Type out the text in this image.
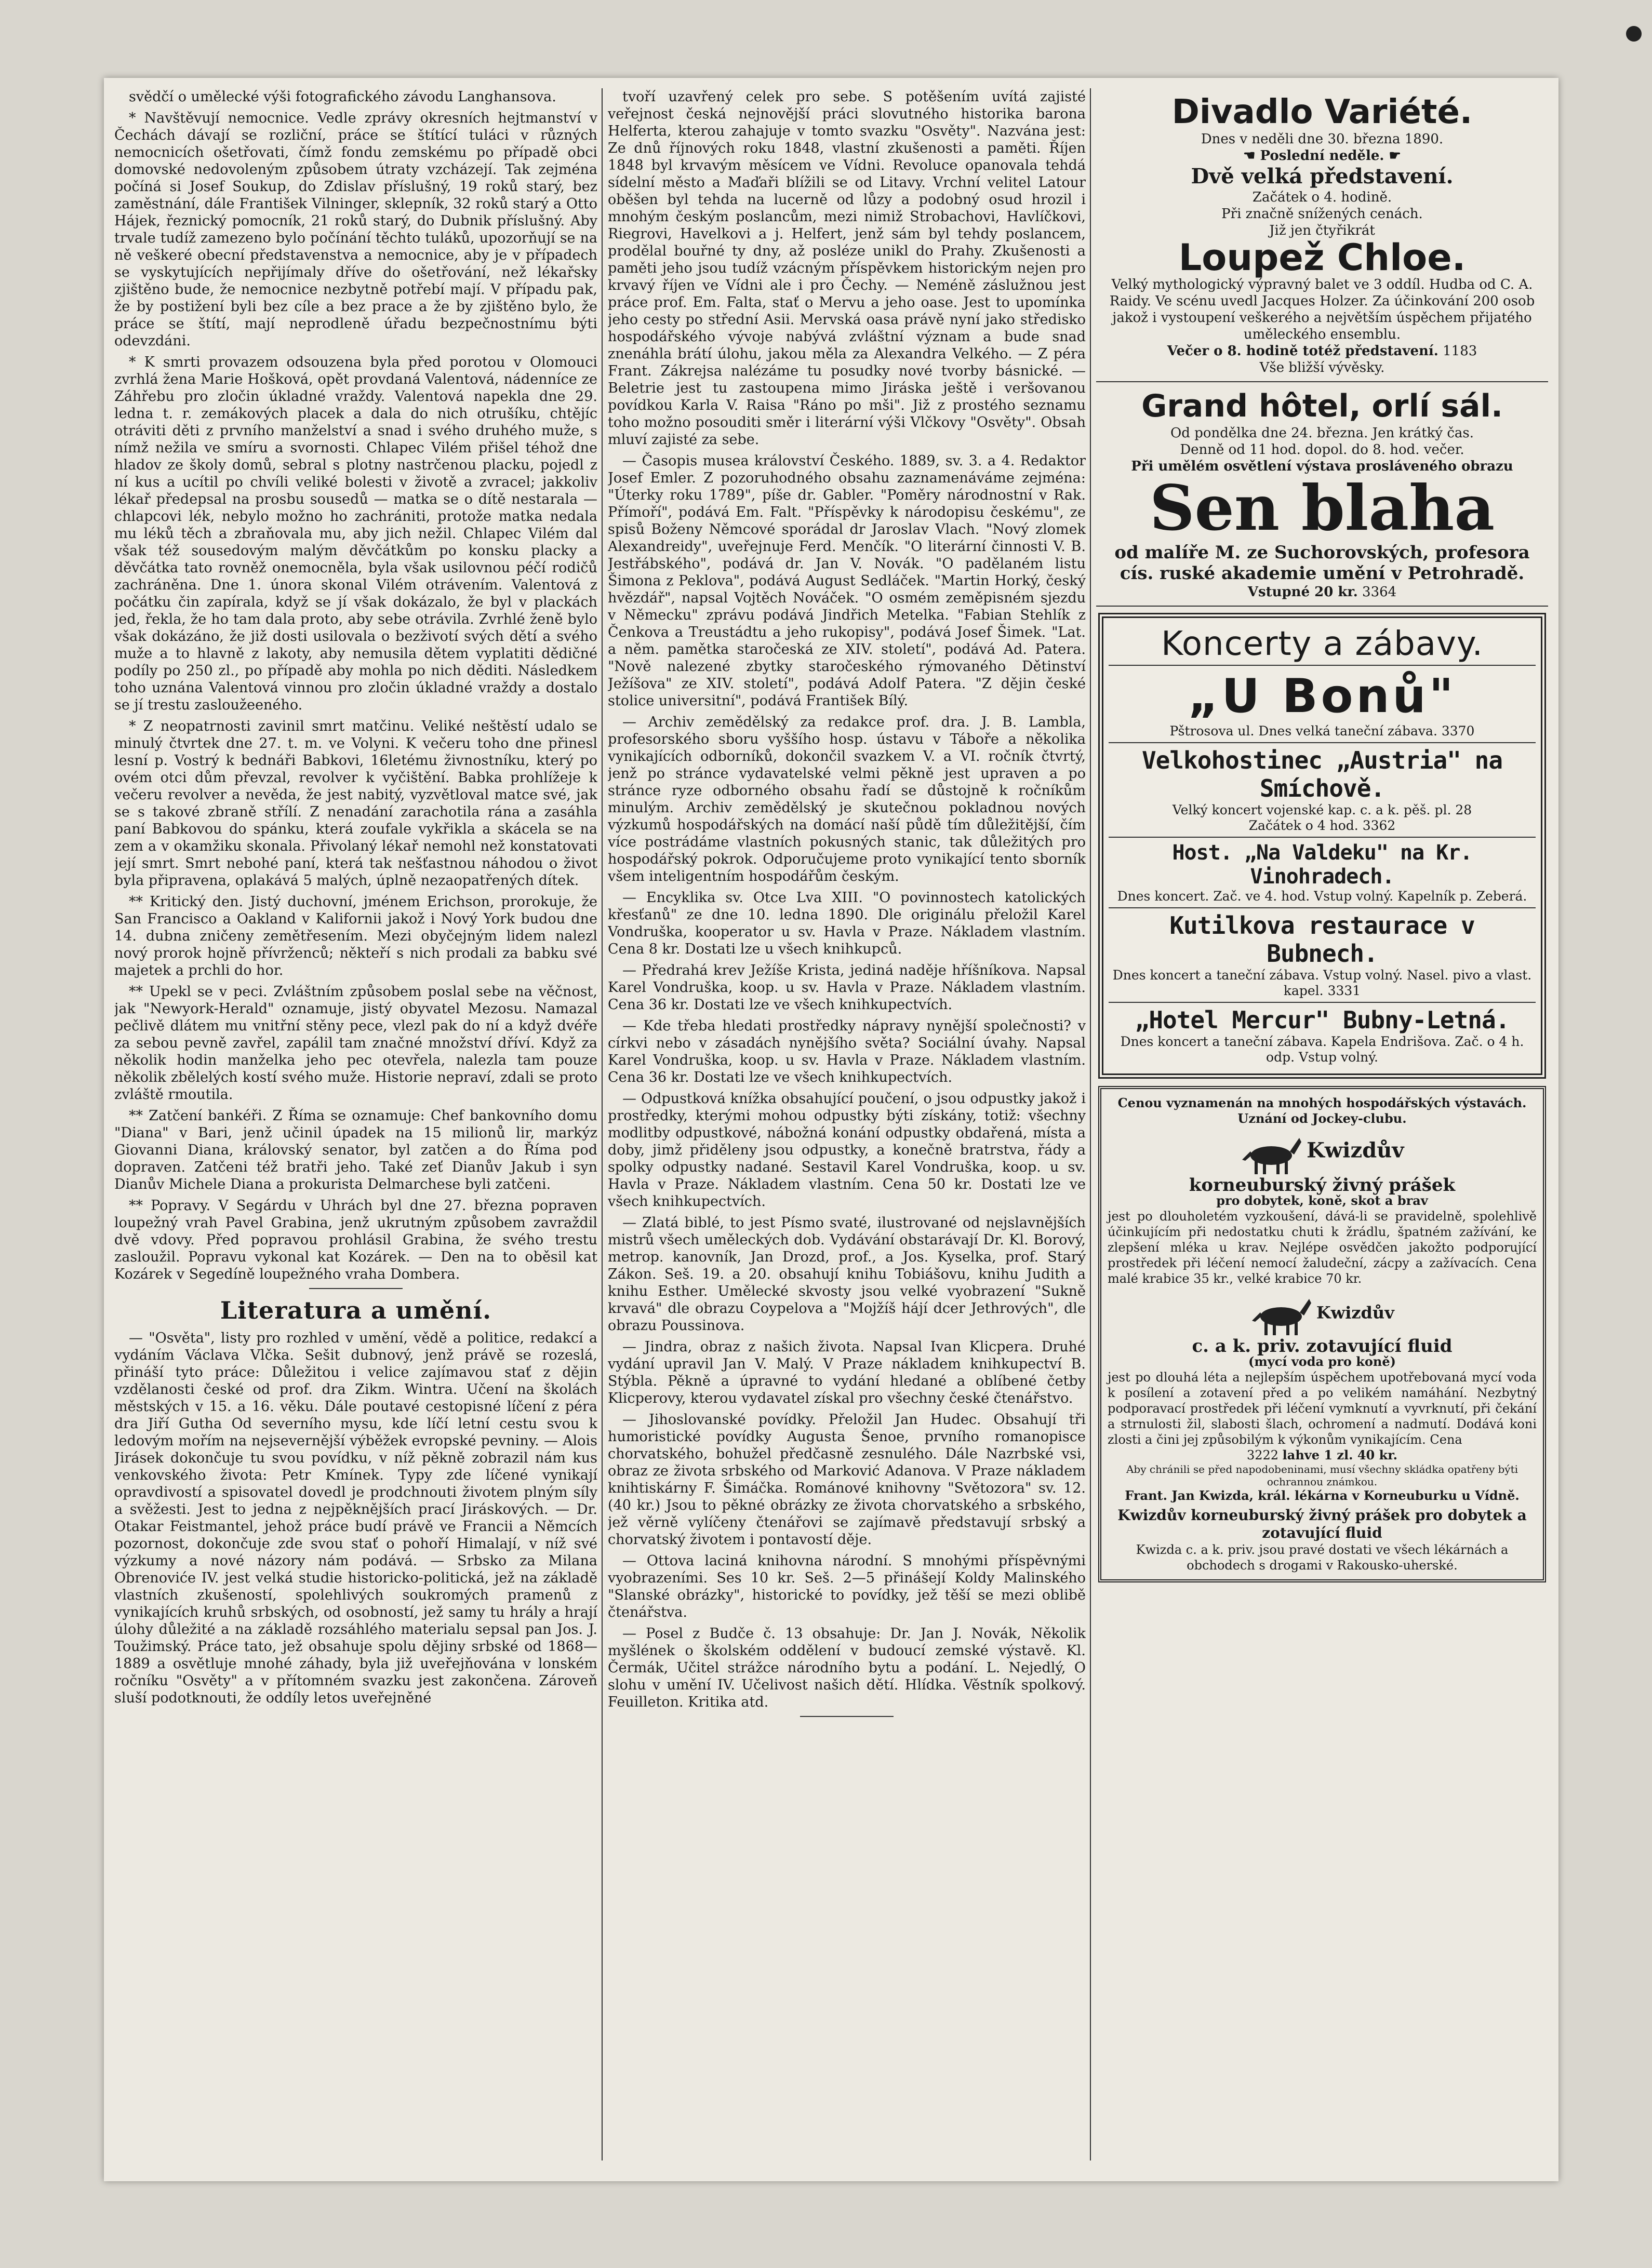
svědčí o umělecké výši fotografického závodu Langhansova.

* Navštěvují nemocnice. Vedle zprávy okresních hejtmanství v Čechách dávají se rozliční, práce se štítící tuláci v různých nemocnicích ošetřovati, čímž fondu zemskému po případě obci domovské nedovoleným způsobem útraty vzcházejí. Tak zejména počíná si Josef Soukup, do Zdislav příslušný, 19 roků starý, bez zaměstnání, dále František Vilninger, sklepník, 32 roků starý a Otto Hájek, řeznický pomocník, 21 roků starý, do Dubnik příslušný. Aby trvale tudíž zamezeno bylo počínání těchto tuláků, upozorňují se na ně veškeré obecní představenstva a nemocnice, aby je v případech se vyskytujících nepřijímaly dříve do ošetřování, než lékařsky zjištěno bude, že nemocnice nezbytně potřebí mají. V případu pak, že by postižení byli bez cíle a bez prace a že by zjištěno bylo, že práce se štítí, mají neprodleně úřadu bezpečnostnímu býti odevzdáni.

* K smrti provazem odsouzena byla před porotou v Olomouci zvrhlá žena Marie Hošková, opět provdaná Valentová, nádenníce ze Záhřebu pro zločin úkladné vraždy. Valentová napekla dne 29. ledna t. r. zemákových placek a dala do nich otrušíku, chtějíc otráviti děti z prvního manželství a snad i svého druhého muže, s nímž nežila ve smíru a svornosti. Chlapec Vilém přišel téhož dne hladov ze školy domů, sebral s plotny nastrčenou placku, pojedl z ní kus a ucítil po chvíli veliké bolesti v životě a zvracel; jakkoliv lékař předepsal na prosbu sousedů — matka se o dítě nestarala — chlapcovi lék, nebylo možno ho zachrániti, protože matka nedala mu léků těch a zbraňovala mu, aby jich nežil. Chlapec Vilém dal však též sousedovým malým děvčátkům po konsku placky a děvčátka tato rovněž onemocněla, byla však usilovnou péčí rodičů zachráněna. Dne 1. února skonal Vilém otrávením. Valentová z počátku čin zapírala, když se jí však dokázalo, že byl v plackách jed, řekla, že ho tam dala proto, aby sebe otrávila. Zvrhlé ženě bylo však dokázáno, že již dosti usilovala o bezživotí svých dětí a svého muže a to hlavně z lakoty, aby nemusila dětem vyplatiti dědičné podíly po 250 zl., po případě aby mohla po nich děditi. Následkem toho uznána Valentová vinnou pro zločin úkladné vraždy a dostalo se jí trestu zasloužeeného.

* Z neopatrnosti zavinil smrt matčinu. Veliké neštěstí udalo se minulý čtvrtek dne 27. t. m. ve Volyni. K večeru toho dne přinesl lesní p. Vostrý k bednáři Babkovi, 16letému živnostníku, který po ovém otci dům převzal, revolver k vyčištění. Babka prohlížeje k večeru revolver a nevěda, že jest nabitý, vyzvětloval matce své, jak se s takové zbraně střílí. Z nenadání zarachotila rána a zasáhla paní Babkovou do spánku, která zoufale vykřikla a skácela se na zem a v okamžiku skonala. Přivolaný lékař nemohl než konstatovati její smrt. Smrt nebohé paní, která tak nešťastnou náhodou o život byla připravena, oplakává 5 malých, úplně nezaopatřených dítek.

** Kritický den. Jistý duchovní, jménem Erichson, prorokuje, že San Francisco a Oakland v Kalifornii jakož i Nový York budou dne 14. dubna zničeny zemětřesením. Mezi obyčejným lidem nalezl nový prorok hojně přívrženců; někteří s nich prodali za babku své majetek a prchli do hor.

** Upekl se v peci. Zvláštním způsobem poslal sebe na věčnost, jak "Newyork-Herald" oznamuje, jistý obyvatel Mezosu. Namazal pečlivě dlátem mu vnitřní stěny pece, vlezl pak do ní a když dvéře za sebou pevně zavřel, zapálil tam značné množství dříví. Když za několik hodin manželka jeho pec otevřela, nalezla tam pouze několik zbělelých kostí svého muže. Historie nepraví, zdali se proto zvláště rmoutila.

** Zatčení bankéři. Z Říma se oznamuje: Chef bankovního domu "Diana" v Bari, jenž učinil úpadek na 15 milionů lir, markýz Giovanni Diana, královský senator, byl zatčen a do Říma pod dopraven. Zatčeni též bratři jeho. Také zeť Dianův Jakub i syn Dianův Michele Diana a prokurista Delmarchese byli zatčeni.

** Popravy. V Segárdu v Uhrách byl dne 27. března popraven loupežný vrah Pavel Grabina, jenž ukrutným způsobem zavraždil dvě vdovy. Před popravou prohlásil Grabina, že svého trestu zasloužil. Popravu vykonal kat Kozárek. — Den na to oběsil kat Kozárek v Segedíně loupežného vraha Dombera.

Literatura a umění.

— "Osvěta", listy pro rozhled v umění, vědě a politice, redakcí a vydáním Václava Vlčka. Sešit dubnový, jenž právě se rozeslá, přináší tyto práce: Důležitou i velice zajímavou stať z dějin vzdělanosti české od prof. dra Zikm. Wintra. Učení na školách městských v 15. a 16. věku. Dále poutavé cestopisné líčení z péra dra Jiří Gutha Od severního mysu, kde líčí letní cestu svou k ledovým mořím na nejsevernější výběžek evropské pevniny. — Alois Jirásek dokončuje tu svou povídku, v níž pěkně zobrazil nám kus venkovského života: Petr Kmínek. Typy zde líčené vynikají opravdivostí a spisovatel dovedl je prodchnouti životem plným síly a svěžesti. Jest to jedna z nejpěknějších prací Jiráskových. — Dr. Otakar Feistmantel, jehož práce budí právě ve Francii a Němcích pozornost, dokončuje zde svou stať o pohoří Himalají, v níž své výzkumy a nové názory nám podává. — Srbsko za Milana Obrenoviće IV. jest velká studie historicko-politická, jež na základě vlastních zkušeností, spolehlivých soukromých pramenů z vynikajících kruhů srbských, od osobností, jež samy tu hrály a hrají úlohy důležité a na základě rozsáhlého materialu sepsal pan Jos. J. Toužimský. Práce tato, jež obsahuje spolu dějiny srbské od 1868—1889 a osvětluje mnohé záhady, byla již uveřejňována v lonském ročníku "Osvěty" a v přítomném svazku jest zakončena. Zároveň sluší podotknouti, že oddíly letos uveřejněné

tvoří uzavřený celek pro sebe. S potěšením uvítá zajisté veřejnost česká nejnovější práci slovutného historika barona Helferta, kterou zahajuje v tomto svazku "Osvěty". Nazvána jest: Ze dnů říjnových roku 1848, vlastní zkušenosti a paměti. Říjen 1848 byl krvavým měsícem ve Vídni. Revoluce opanovala tehdá sídelní město a Maďaři blížili se od Litavy. Vrchní velitel Latour oběšen byl tehda na lucerně od lůzy a podobný osud hrozil i mnohým českým poslancům, mezi nimiž Strobachovi, Havlíčkovi, Riegrovi, Havelkovi a j. Helfert, jenž sám byl tehdy poslancem, prodělal bouřné ty dny, až posléze unikl do Prahy. Zkušenosti a paměti jeho jsou tudíž vzácným příspěvkem historickým nejen pro krvavý říjen ve Vídni ale i pro Čechy. — Neméně záslužnou jest práce prof. Em. Falta, stať o Mervu a jeho oase. Jest to upomínka jeho cesty po střední Asii. Mervská oasa právě nyní jako středisko hospodářského vývoje nabývá zvláštní význam a bude snad znenáhla brátí úlohu, jakou měla za Alexandra Velkého. — Z péra Frant. Zákrejsa nalézáme tu posudky nové tvorby básnické. — Beletrie jest tu zastoupena mimo Jiráska ještě i veršovanou povídkou Karla V. Raisa "Ráno po mši". Již z prostého seznamu toho možno posouditi směr i literární výši Vlčkovy "Osvěty". Obsah mluví zajisté za sebe.

— Časopis musea království Českého. 1889, sv. 3. a 4. Redaktor Josef Emler. Z pozoruhodného obsahu zaznamenáváme zejména: "Úterky roku 1789", píše dr. Gabler. "Poměry národnostní v Rak. Přímoří", podává Em. Falt. "Příspěvky k národopisu českému", ze spisů Boženy Němcové sporádal dr Jaroslav Vlach. "Nový zlomek Alexandreidy", uveřejnuje Ferd. Menčík. "O literární činnosti V. B. Jestřábského", podává dr. Jan V. Novák. "O padělaném listu Šimona z Peklova", podává August Sedláček. "Martin Horký, český hvězdář", napsal Vojtěch Nováček. "O osmém zeměpisném sjezdu v Německu" zprávu podává Jindřich Metelka. "Fabian Stehlík z Čenkova a Treustádtu a jeho rukopisy", podává Josef Šimek. "Lat. a něm. pamětka staročeská ze XIV. století", podává Ad. Patera. "Nově nalezené zbytky staročeského rýmovaného Dětinství Ježíšova" ze XIV. století", podává Adolf Patera. "Z dějin české stolice universitní", podává František Bílý.

— Archiv zemědělský za redakce prof. dra. J. B. Lambla, profesorského sboru vyššího hosp. ústavu v Táboře a několika vynikajících odborníků, dokončil svazkem V. a VI. ročník čtvrtý, jenž po stránce vydavatelské velmi pěkně jest upraven a po stránce ryze odborného obsahu řadí se důstojně k ročníkům minulým. Archiv zemědělský je skutečnou pokladnou nových výzkumů hospodářských na domácí naší půdě tím důležitější, čím více postrádáme vlastních pokusných stanic, tak důležitých pro hospodářský pokrok. Odporučujeme proto vynikající tento sborník všem inteligentním hospodářům českým.

— Encyklika sv. Otce Lva XIII. "O povinnostech katolických křesťanů" ze dne 10. ledna 1890. Dle originálu přeložil Karel Vondruška, kooperator u sv. Havla v Praze. Nákladem vlastním. Cena 8 kr. Dostati lze u všech knihkupců.

— Předrahá krev Ježíše Krista, jediná naděje hříšníkova. Napsal Karel Vondruška, koop. u sv. Havla v Praze. Nákladem vlastním. Cena 36 kr. Dostati lze ve všech knihkupectvích.

— Kde třeba hledati prostředky nápravy nynější společnosti? v církvi nebo v zásadách nynějšího světa? Sociální úvahy. Napsal Karel Vondruška, koop. u sv. Havla v Praze. Nákladem vlastním. Cena 36 kr. Dostati lze ve všech knihkupectvích.

— Odpustková knížka obsahující poučení, o jsou odpustky jakož i prostředky, kterými mohou odpustky býti získány, totiž: všechny modlitby odpustkové, nábožná konání odpustky obdařená, místa a doby, jimž přiděleny jsou odpustky, a konečně bratrstva, řády a spolky odpustky nadané. Sestavil Karel Vondruška, koop. u sv. Havla v Praze. Nákladem vlastním. Cena 50 kr. Dostati lze ve všech knihkupectvích.

— Zlatá biblé, to jest Písmo svaté, ilustrované od nejslavnějších mistrů všech uměleckých dob. Vydávání obstarávají Dr. Kl. Borový, metrop. kanovník, Jan Drozd, prof., a Jos. Kyselka, prof. Starý Zákon. Seš. 19. a 20. obsahují knihu Tobiášovu, knihu Judith a knihu Esther. Umělecké skvosty jsou velké vyobrazení "Sukně krvavá" dle obrazu Coypelova a "Mojžíš hájí dcer Jethrových", dle obrazu Poussinova.

— Jindra, obraz z našich života. Napsal Ivan Klicpera. Druhé vydání upravil Jan V. Malý. V Praze nákladem knihkupectví B. Stýbla. Pěkně a úpravné to vydání hledané a oblíbené četby Klicperovy, kterou vydavatel získal pro všechny české čtenářstvo.

— Jihoslovanské povídky. Přeložil Jan Hudec. Obsahují tři humoristické povídky Augusta Šenoe, prvního romanopisce chorvatského, bohužel předčasně zesnulého. Dále Nazrbské vsi, obraz ze života srbského od Marković Adanova. V Praze nákladem knihtiskárny F. Šimáčka. Románové knihovny "Světozora" sv. 12. (40 kr.) Jsou to pěkné obrázky ze života chorvatského a srbského, jež věrně vylíčeny čtenářovi se zajímavě představují srbský a chorvatský životem i pontavostí děje.

— Ottova laciná knihovna národní. S mnohými příspěvnými vyobrazeními. Ses 10 kr. Seš. 2—5 přinášejí Koldy Malinského "Slanské obrázky", historické to povídky, jež těší se mezi oblibě čtenářstva.

— Posel z Budče č. 13 obsahuje: Dr. Jan J. Novák, Několik myšlének o školském oddělení v budoucí zemské výstavě. Kl. Čermák, Učitel strážce národního bytu a podání. L. Nejedlý, O slohu v umění IV. Učelivost našich dětí. Hlídka. Věstník spolkový. Feuilleton. Kritika atd.

Divadlo Variété.
Dnes v neděli dne 30. března 1890.
☚ Poslední neděle. ☛
Dvě velká představení.
Začátek o 4. hodině.
Při značně snížených cenách.
Již jen čtyřikrát
Loupež Chloe.
Velký mythologický výpravný balet ve 3 oddíl. Hudba od C. A. Raidy. Ve scénu uvedl Jacques Holzer. Za účinkování 200 osob jakož i vystoupení veškerého a největším úspěchem přijatého uměleckého ensemblu.
Večer o 8. hodině totéž představení. 1183
Vše bližší vývěsky.
Grand hôtel, orlí sál.
Od pondělka dne 24. března. Jen krátký čas.
Denně od 11 hod. dopol. do 8. hod. večer.
Při umělém osvětlení výstava prosláveného obrazu
Sen blaha
od malíře M. ze Suchorovských, profesora cís. ruské akademie umění v Petrohradě.
Vstupné 20 kr. 3364
Koncerty a zábavy.
„U Bonů"
Pštrosova ul. Dnes velká taneční zábava. 3370
Velkohostinec „Austria" na Smíchově.
Velký koncert vojenské kap. c. a k. pěš. pl. 28
Začátek o 4 hod. 3362
Host. „Na Valdeku" na Kr. Vinohradech.
Dnes koncert. Zač. ve 4. hod. Vstup volný. Kapelník p. Zeberá.
Kutilkova restaurace v Bubnech.
Dnes koncert a taneční zábava. Vstup volný. Nasel. pivo a vlast. kapel. 3331
„Hotel Mercur" Bubny-Letná.
Dnes koncert a taneční zábava. Kapela Endrišova. Zač. o 4 h. odp. Vstup volný.
Cenou vyznamenán na mnohých hospodářských výstavách. Uznání od Jockey-clubu.
Kwizdův
korneuburský živný prášek
pro dobytek, koně, skot a brav
jest po dlouholetém vyzkoušení, dává-li se pravidelně, spolehlivě účinkujícím při nedostatku chuti k žrádlu, špatném zažívání, ke zlepšení mléka u krav. Nejlépe osvědčen jakožto podporující prostředek při léčení nemocí žaludeční, zácpy a zažívacích. Cena malé krabice 35 kr., velké krabice 70 kr.
Kwizdův
c. a k. priv. zotavující fluid
(mycí voda pro koně)
jest po dlouhá léta a nejlepším úspěchem upotřebovaná mycí voda k posílení a zotavení před a po velikém namáhání. Nezbytný podporavací prostředek při léčení vymknutí a vyvrknutí, při čekání a strnulosti žil, slabosti šlach, ochromení a nadmutí. Dodává koni zlosti a čini jej způsobilým k výkonům vynikajícím. Cena
3222 lahve 1 zl. 40 kr.
Aby chránili se před napodobeninami, musí všechny skládka opatřeny býti ochrannou známkou.
Frant. Jan Kwizda, král. lékárna v Korneuburku u Vídně.
Kwizdův korneuburský živný prášek pro dobytek a zotavující fluid
Kwizda c. a k. priv. jsou pravé dostati ve všech lékárnách a obchodech s drogami v Rakousko-uherské.
